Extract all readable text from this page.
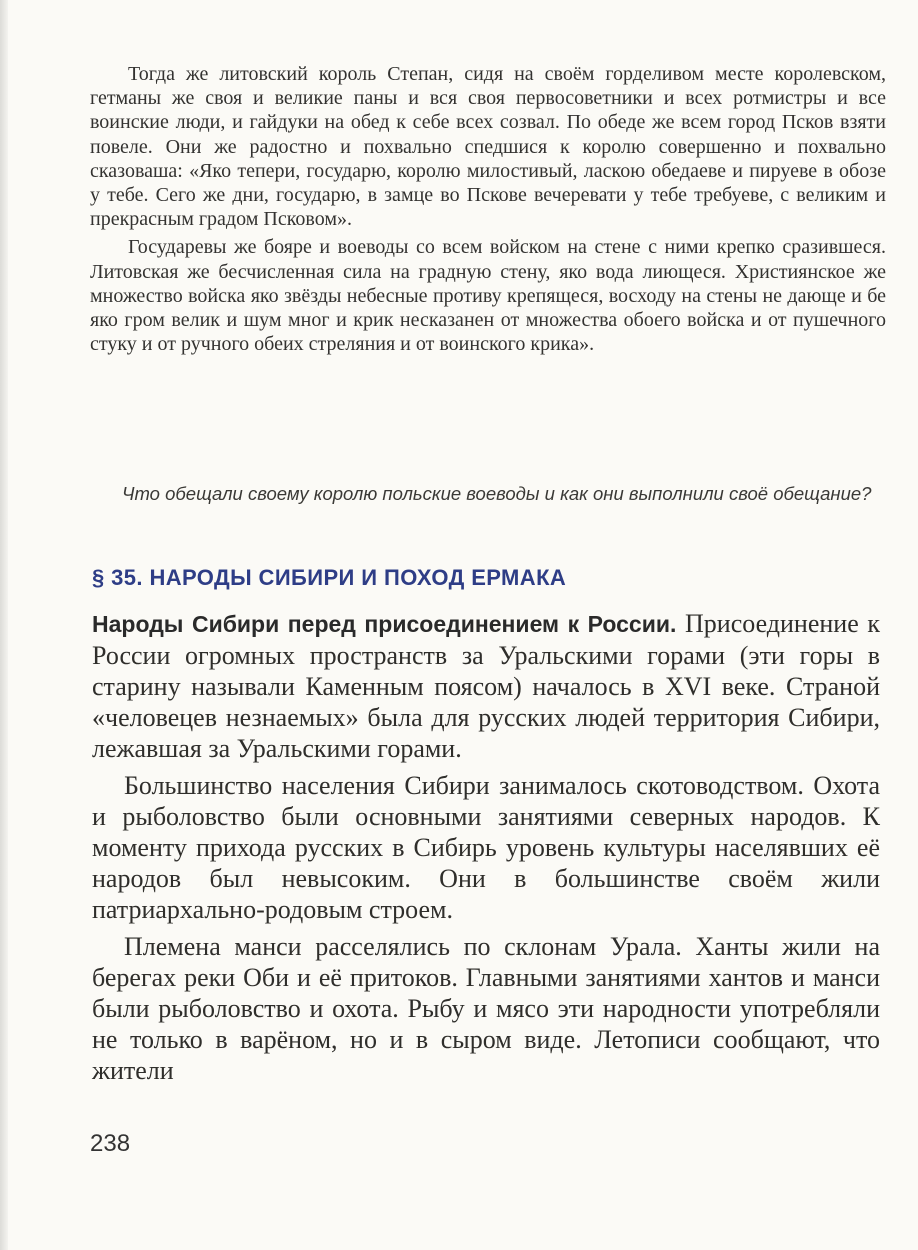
Тогда же литовский король Степан, сидя на своём горделивом месте королевском, гетманы же своя и великие паны и вся своя первосоветники и всех ротмистры и все воинские люди, и гайдуки на обед к себе всех созвал. По обеде же всем город Псков взяти повеле. Они же радостно и похвально спедшися к королю совершенно и похвально сказоваша: «Яко тепери, государю, королю милостивый, ласкою обедаеве и пируеве в обозе у тебе. Сего же дни, государю, в замце во Пскове вечеревати у тебе требуеве, с великим и прекрасным градом Псковом».

Государевы же бояре и воеводы со всем войском на стене с ними крепко сразившеся. Литовская же бесчисленная сила на градную стену, яко вода лиющеся. Християнское же множество войска яко звёзды небесные противу крепящеся, восходу на стены не дающе и бе яко гром велик и шум мног и крик несказанен от множества обоего войска и от пушечного стуку и от ручного обеих стреляния и от воинского крика».

Что обещали своему королю польские воеводы и как они выполнили своё обещание?
§ 35. НАРОДЫ СИБИРИ И ПОХОД ЕРМАКА

Народы Сибири перед присоединением к России. Присоединение к России огромных пространств за Уральскими горами (эти горы в старину называли Каменным поясом) началось в XVI веке. Страной «человецев незнаемых» была для русских людей территория Сибири, лежавшая за Уральскими горами.

Большинство населения Сибири занималось скотоводством. Охота и рыболовство были основными занятиями северных народов. К моменту прихода русских в Сибирь уровень культуры населявших её народов был невысоким. Они в большинстве своём жили патриархально-родовым строем.

Племена манси расселялись по склонам Урала. Ханты жили на берегах реки Оби и её притоков. Главными занятиями хантов и манси были рыболовство и охота. Рыбу и мясо эти народности употребляли не только в варёном, но и в сыром виде. Летописи сообщают, что жители

238
